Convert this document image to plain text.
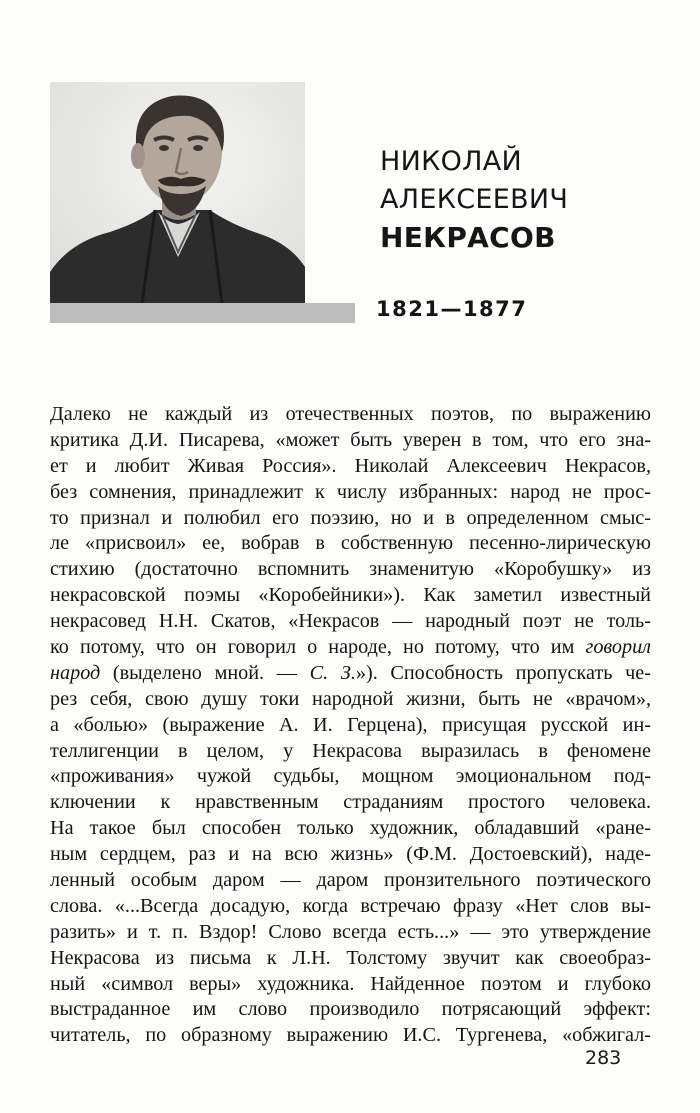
НИКОЛАЙ
АЛЕКСЕЕВИЧ
НЕКРАСОВ
1821—1877
Далеко не каждый из отечественных поэтов, по выражению
критика Д.И. Писарева, «может быть уверен в том, что его зна-
ет и любит Живая Россия». Николай Алексеевич Некрасов,
без сомнения, принадлежит к числу избранных: народ не прос-
то признал и полюбил его поэзию, но и в определенном смыс-
ле «присвоил» ее, вобрав в собственную песенно-лирическую
стихию (достаточно вспомнить знаменитую «Коробушку» из
некрасовской поэмы «Коробейники»). Как заметил известный
некрасовед Н.Н. Скатов, «Некрасов — народный поэт не толь-
ко потому, что он говорил о народе, но потому, что им говорил
народ (выделено мной. — С. З.»). Способность пропускать че-
рез себя, свою душу токи народной жизни, быть не «врачом»,
а «болью» (выражение А. И. Герцена), присущая русской ин-
теллигенции в целом, у Некрасова выразилась в феномене
«проживания» чужой судьбы, мощном эмоциональном под-
ключении к нравственным страданиям простого человека.
На такое был способен только художник, обладавший «ране-
ным сердцем, раз и на всю жизнь» (Ф.М. Достоевский), наде-
ленный особым даром — даром пронзительного поэтического
слова. «...Всегда досадую, когда встречаю фразу «Нет слов вы-
разить» и т. п. Вздор! Слово всегда есть...» — это утверждение
Некрасова из письма к Л.Н. Толстому звучит как своеобраз-
ный «символ веры» художника. Найденное поэтом и глубоко
выстраданное им слово производило потрясающий эффект:
читатель, по образному выражению И.С. Тургенева, «обжигал-
283
